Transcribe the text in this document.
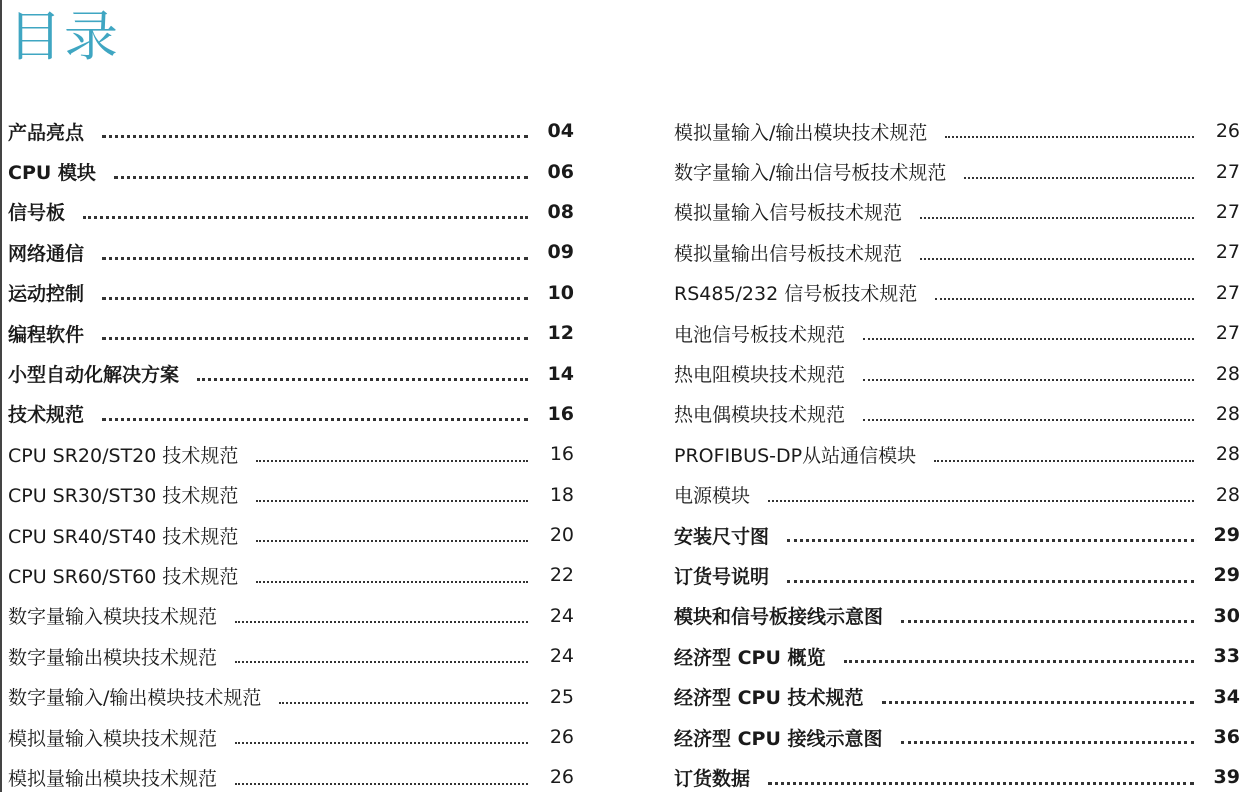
目录
产品亮点	04
CPU 模块	06
信号板	08
网络通信	09
运动控制	10
编程软件	12
小型自动化解决方案	14
技术规范	16
CPU SR20/ST20 技术规范	16
CPU SR30/ST30 技术规范	18
CPU SR40/ST40 技术规范	20
CPU SR60/ST60 技术规范	22
数字量输入模块技术规范	24
数字量输出模块技术规范	24
数字量输入/输出模块技术规范	25
模拟量输入模块技术规范	26
模拟量输出模块技术规范	26
模拟量输入/输出模块技术规范	26
数字量输入/输出信号板技术规范	27
模拟量输入信号板技术规范	27
模拟量输出信号板技术规范	27
RS485/232 信号板技术规范	27
电池信号板技术规范	27
热电阻模块技术规范	28
热电偶模块技术规范	28
PROFIBUS-DP从站通信模块	28
电源模块	28
安装尺寸图	29
订货号说明	29
模块和信号板接线示意图	30
经济型 CPU 概览	33
经济型 CPU 技术规范	34
经济型 CPU 接线示意图	36
订货数据	39
